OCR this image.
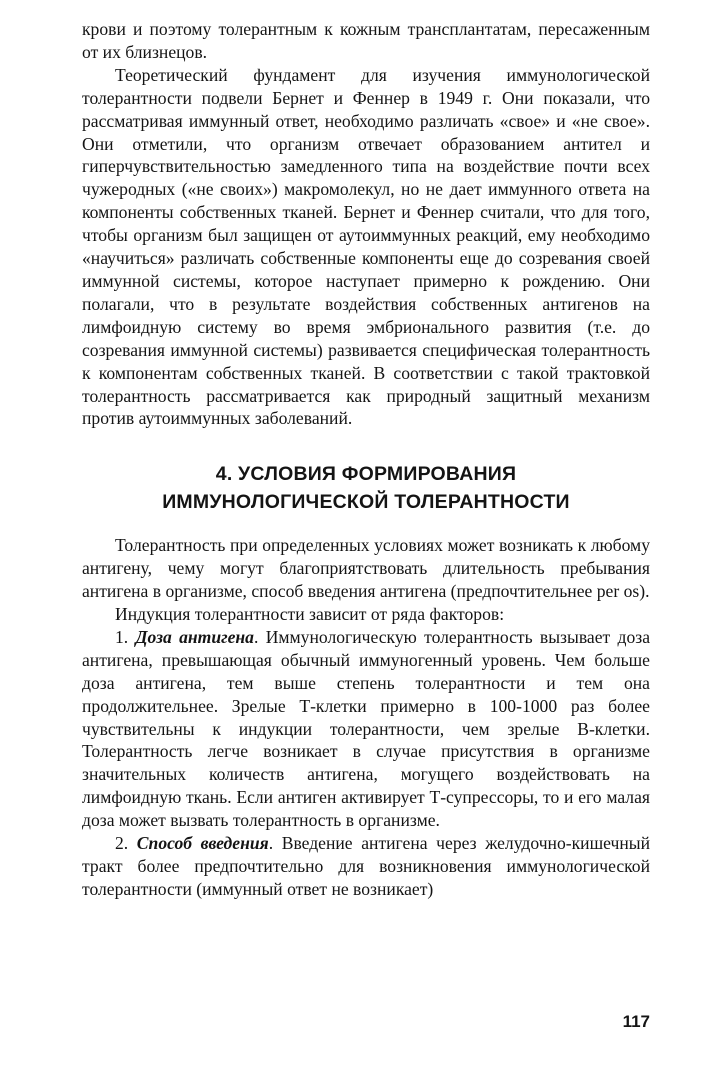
крови и поэтому толерантным к кожным трансплантатам, пересаженным от их близнецов.

Теоретический фундамент для изучения иммунологической толерантности подвели Бернет и Феннер в 1949 г. Они показали, что рассматривая иммунный ответ, необходимо различать «свое» и «не свое». Они отметили, что организм отвечает образованием антител и гиперчувствительностью замедленного типа на воздействие почти всех чужеродных («не своих») макромолекул, но не дает иммунного ответа на компоненты собственных тканей. Бернет и Феннер считали, что для того, чтобы организм был защищен от аутоиммунных реакций, ему необходимо «научиться» различать собственные компоненты еще до созревания своей иммунной системы, которое наступает примерно к рождению. Они полагали, что в результате воздействия собственных антигенов на лимфоидную систему во время эмбрионального развития (т.е. до созревания иммунной системы) развивается специфическая толерантность к компонентам собственных тканей. В соответствии с такой трактовкой толерантность рассматривается как природный защитный механизм против аутоиммунных заболеваний.

4. УСЛОВИЯ ФОРМИРОВАНИЯ
ИММУНОЛОГИЧЕСКОЙ ТОЛЕРАНТНОСТИ

Толерантность при определенных условиях может возникать к любому антигену, чему могут благоприятствовать длительность пребывания антигена в организме, способ введения антигена (предпочтительнее per os).

Индукция толерантности зависит от ряда факторов:

1. Доза антигена. Иммунологическую толерантность вызывает доза антигена, превышающая обычный иммуногенный уровень. Чем больше доза антигена, тем выше степень толерантности и тем она продолжительнее. Зрелые Т-клетки примерно в 100-1000 раз более чувствительны к индукции толерантности, чем зрелые В-клетки. Толерантность легче возникает в случае присутствия в организме значительных количеств антигена, могущего воздействовать на лимфоидную ткань. Если антиген активирует Т-супрессоры, то и его малая доза может вызвать толерантность в организме.

2. Способ введения. Введение антигена через желудочно-кишечный тракт более предпочтительно для возникновения иммунологической толерантности (иммунный ответ не возникает)

117
